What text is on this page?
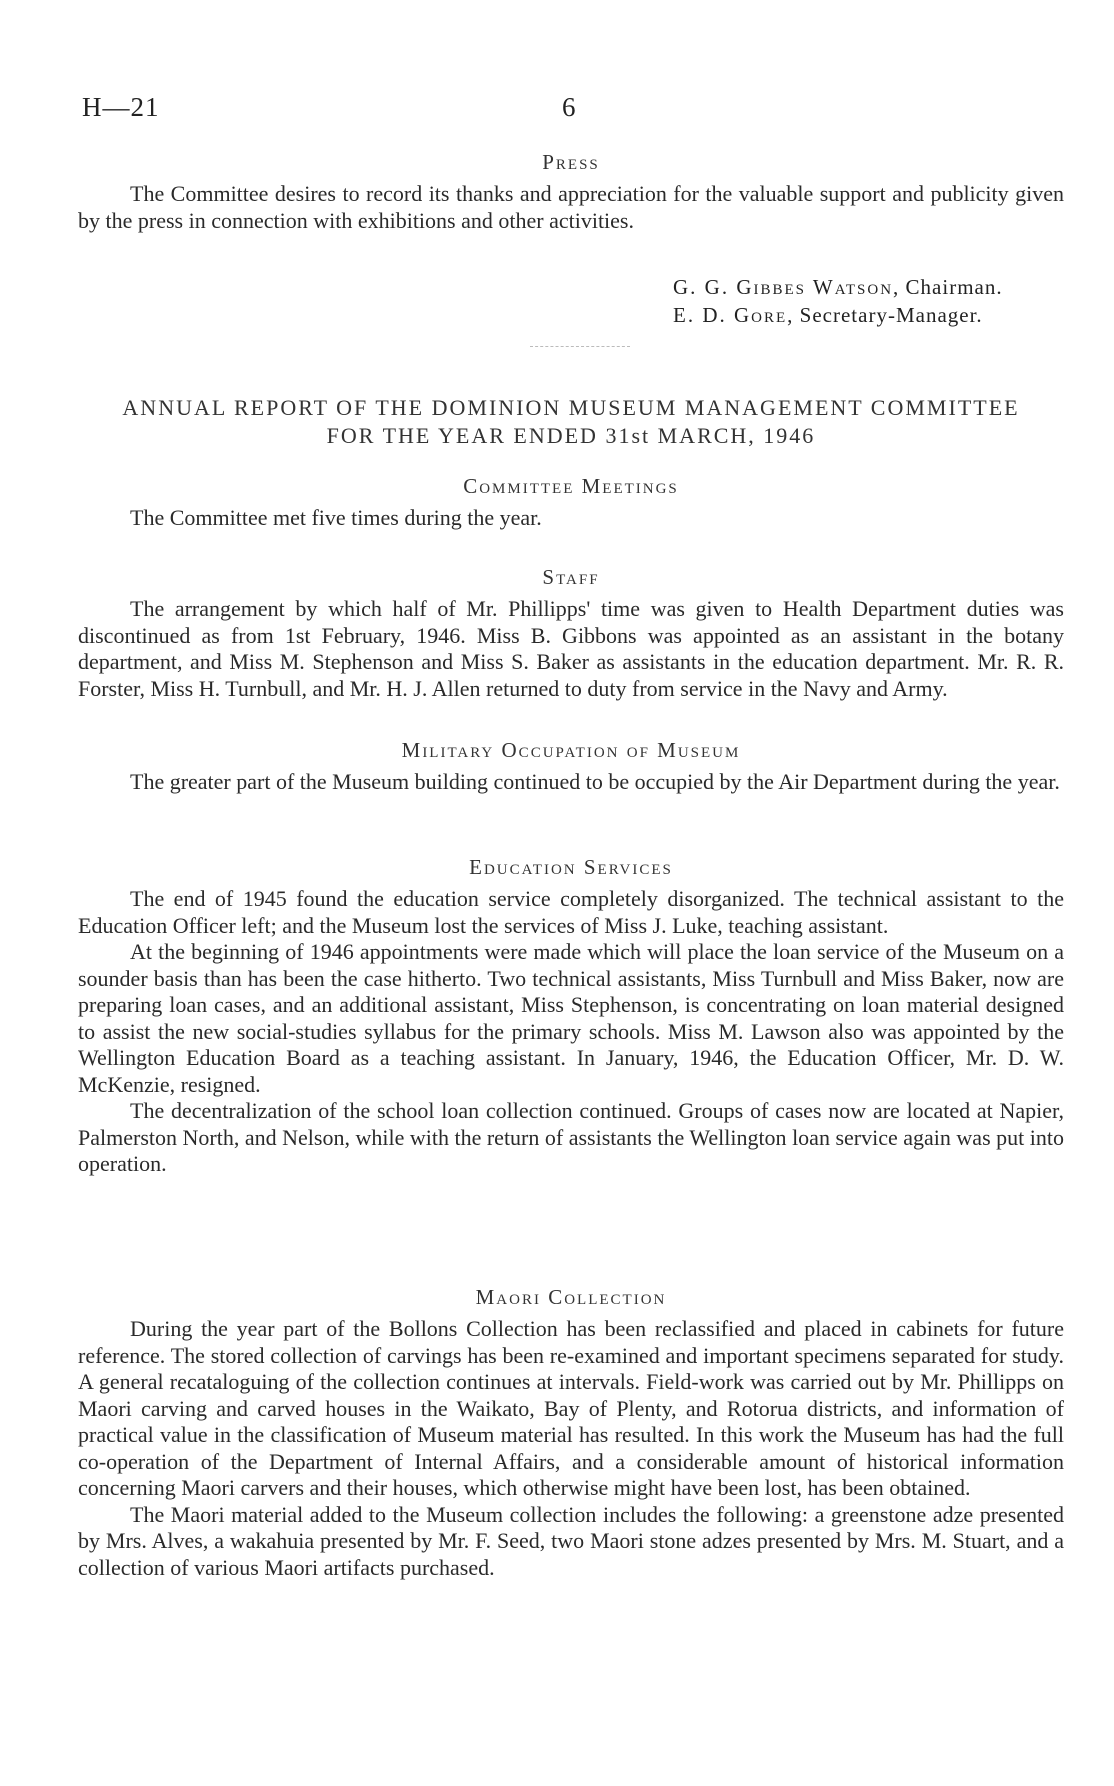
H—21	6
Press

The Committee desires to record its thanks and appreciation for the valuable support and publicity given by the press in connection with exhibitions and other activities.

G. G. Gibbes Watson, Chairman.
E. D. Gore, Secretary-Manager.
ANNUAL REPORT OF THE DOMINION MUSEUM MANAGEMENT COMMITTEE
FOR THE YEAR ENDED 31st MARCH, 1946
Committee Meetings

The Committee met five times during the year.

Staff

The arrangement by which half of Mr. Phillipps' time was given to Health Department duties was discontinued as from 1st February, 1946. Miss B. Gibbons was appointed as an assistant in the botany department, and Miss M. Stephenson and Miss S. Baker as assistants in the education department. Mr. R. R. Forster, Miss H. Turnbull, and Mr. H. J. Allen returned to duty from service in the Navy and Army.

Military Occupation of Museum

The greater part of the Museum building continued to be occupied by the Air Department during the year.

Education Services

The end of 1945 found the education service completely disorganized. The technical assistant to the Education Officer left; and the Museum lost the services of Miss J. Luke, teaching assistant.

At the beginning of 1946 appointments were made which will place the loan service of the Museum on a sounder basis than has been the case hitherto. Two technical assistants, Miss Turnbull and Miss Baker, now are preparing loan cases, and an additional assistant, Miss Stephenson, is concentrating on loan material designed to assist the new social-studies syllabus for the primary schools. Miss M. Lawson also was appointed by the Wellington Education Board as a teaching assistant. In January, 1946, the Education Officer, Mr. D. W. McKenzie, resigned.

The decentralization of the school loan collection continued. Groups of cases now are located at Napier, Palmerston North, and Nelson, while with the return of assistants the Wellington loan service again was put into operation.

Maori Collection

During the year part of the Bollons Collection has been reclassified and placed in cabinets for future reference. The stored collection of carvings has been re-examined and important specimens separated for study. A general recataloguing of the collection continues at intervals. Field-work was carried out by Mr. Phillipps on Maori carving and carved houses in the Waikato, Bay of Plenty, and Rotorua districts, and information of practical value in the classification of Museum material has resulted. In this work the Museum has had the full co-operation of the Department of Internal Affairs, and a considerable amount of historical information concerning Maori carvers and their houses, which otherwise might have been lost, has been obtained.

The Maori material added to the Museum collection includes the following: a greenstone adze presented by Mrs. Alves, a wakahuia presented by Mr. F. Seed, two Maori stone adzes presented by Mrs. M. Stuart, and a collection of various Maori artifacts purchased.
